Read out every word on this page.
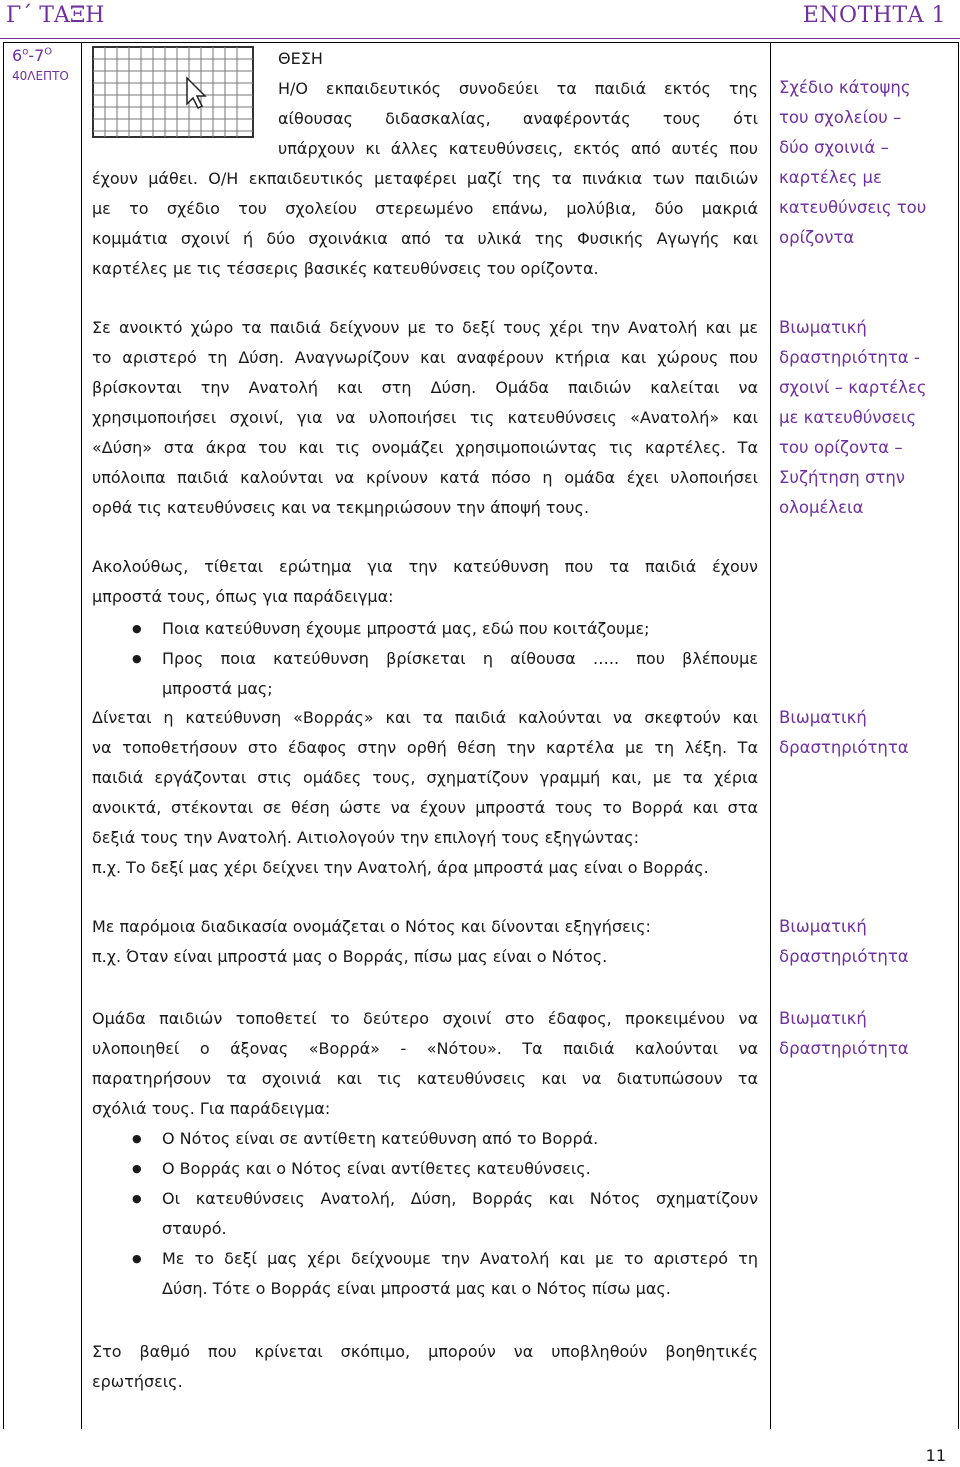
Γ΄ ΤΑΞΗ	ΕΝΟΤΗΤΑ 1
$6^o-7^O$
40ΛΕΠΤΟ
ΘΕΣΗ
Η/Ο εκπαιδευτικός συνοδεύει τα παιδιά εκτός της
αίθουσας διδασκαλίας, αναφέροντάς τους ότι
υπάρχουν κι άλλες κατευθύνσεις, εκτός από αυτές που
έχουν μάθει. Ο/Η εκπαιδευτικός μεταφέρει μαζί της τα πινάκια των παιδιών
με το σχέδιο του σχολείου στερεωμένο επάνω, μολύβια, δύο μακριά
κομμάτια σχοινί ή δύο σχοινάκια από τα υλικά της Φυσικής Αγωγής και
καρτέλες με τις τέσσερις βασικές κατευθύνσεις του ορίζοντα.
Σχέδιο κάτοψης
του σχολείου –
δύο σχοινιά –
καρτέλες με
κατευθύνσεις του
ορίζοντα
Σε ανοικτό χώρο τα παιδιά δείχνουν με το δεξί τους χέρι την Ανατολή και με
το αριστερό τη Δύση. Αναγνωρίζουν και αναφέρουν κτήρια και χώρους που
βρίσκονται την Ανατολή και στη Δύση. Ομάδα παιδιών καλείται να
χρησιμοποιήσει σχοινί, για να υλοποιήσει τις κατευθύνσεις «Ανατολή» και
«Δύση» στα άκρα του και τις ονομάζει χρησιμοποιώντας τις καρτέλες. Τα
υπόλοιπα παιδιά καλούνται να κρίνουν κατά πόσο η ομάδα έχει υλοποιήσει
ορθά τις κατευθύνσεις και να τεκμηριώσουν την άποψή τους.
Βιωματική
δραστηριότητα -
σχοινί – καρτέλες
με κατευθύνσεις
του ορίζοντα –
Συζήτηση στην
ολομέλεια
Ακολούθως, τίθεται ερώτημα για την κατεύθυνση που τα παιδιά έχουν
μπροστά τους, όπως για παράδειγμα:
● Ποια κατεύθυνση έχουμε μπροστά μας, εδώ που κοιτάζουμε;
● Προς ποια κατεύθυνση βρίσκεται η αίθουσα ….. που βλέπουμε
μπροστά μας;
Δίνεται η κατεύθυνση «Βορράς» και τα παιδιά καλούνται να σκεφτούν και
να τοποθετήσουν στο έδαφος στην ορθή θέση την καρτέλα με τη λέξη. Τα
παιδιά εργάζονται στις ομάδες τους, σχηματίζουν γραμμή και, με τα χέρια
ανοικτά, στέκονται σε θέση ώστε να έχουν μπροστά τους το Βορρά και στα
δεξιά τους την Ανατολή. Αιτιολογούν την επιλογή τους εξηγώντας:
π.χ. Το δεξί μας χέρι δείχνει την Ανατολή, άρα μπροστά μας είναι ο Βορράς.
Βιωματική
δραστηριότητα
Με παρόμοια διαδικασία ονομάζεται ο Νότος και δίνονται εξηγήσεις:
π.χ. Όταν είναι μπροστά μας ο Βορράς, πίσω μας είναι ο Νότος.
Βιωματική
δραστηριότητα
Ομάδα παιδιών τοποθετεί το δεύτερο σχοινί στο έδαφος, προκειμένου να
υλοποιηθεί ο άξονας «Βορρά» - «Νότου». Τα παιδιά καλούνται να
παρατηρήσουν τα σχοινιά και τις κατευθύνσεις και να διατυπώσουν τα
σχόλιά τους. Για παράδειγμα:
● Ο Νότος είναι σε αντίθετη κατεύθυνση από το Βορρά.
● Ο Βορράς και ο Νότος είναι αντίθετες κατευθύνσεις.
● Οι κατευθύνσεις Ανατολή, Δύση, Βορράς και Νότος σχηματίζουν
σταυρό.
● Με το δεξί μας χέρι δείχνουμε την Ανατολή και με το αριστερό τη
Δύση. Τότε ο Βορράς είναι μπροστά μας και ο Νότος πίσω μας.
Βιωματική
δραστηριότητα
Στο βαθμό που κρίνεται σκόπιμο, μπορούν να υποβληθούν βοηθητικές
ερωτήσεις.
11
